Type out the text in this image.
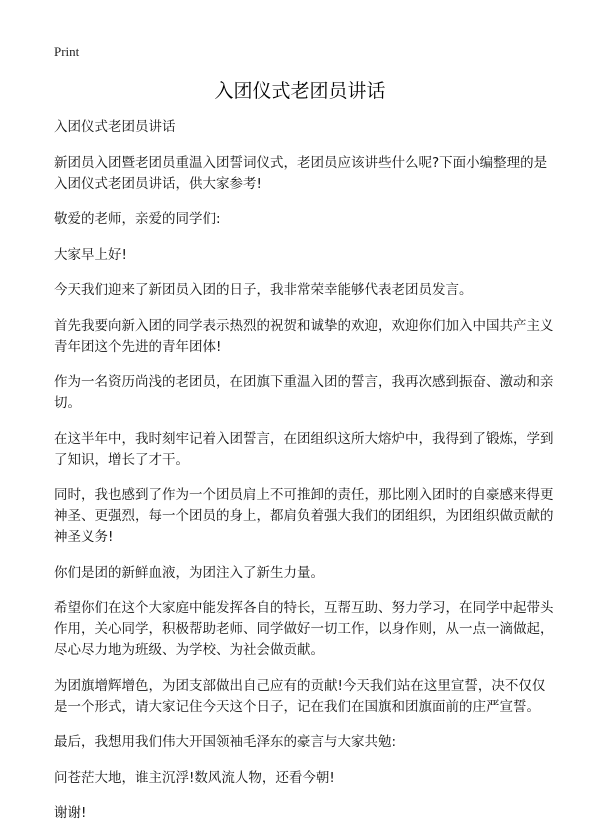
Print
入团仪式老团员讲话

入团仪式老团员讲话

新团员入团暨老团员重温入团誓词仪式，老团员应该讲些什么呢?下面小编整理的是入团仪式老团员讲话，供大家参考!

敬爱的老师，亲爱的同学们:

大家早上好!

今天我们迎来了新团员入团的日子，我非常荣幸能够代表老团员发言。

首先我要向新入团的同学表示热烈的祝贺和诚挚的欢迎，欢迎你们加入中国共产主义青年团这个先进的青年团体!

作为一名资历尚浅的老团员，在团旗下重温入团的誓言，我再次感到振奋、激动和亲切。

在这半年中，我时刻牢记着入团誓言，在团组织这所大熔炉中，我得到了锻炼，学到了知识，增长了才干。

同时，我也感到了作为一个团员肩上不可推卸的责任，那比刚入团时的自豪感来得更神圣、更强烈，每一个团员的身上，都肩负着强大我们的团组织，为团组织做贡献的神圣义务!

你们是团的新鲜血液，为团注入了新生力量。

希望你们在这个大家庭中能发挥各自的特长，互帮互助、努力学习，在同学中起带头作用，关心同学，积极帮助老师、同学做好一切工作，以身作则，从一点一滴做起，尽心尽力地为班级、为学校、为社会做贡献。

为团旗增辉增色，为团支部做出自己应有的贡献!今天我们站在这里宣誓，决不仅仅是一个形式，请大家记住今天这个日子，记在我们在国旗和团旗面前的庄严宣誓。

最后，我想用我们伟大开国领袖毛泽东的豪言与大家共勉:

问苍茫大地，谁主沉浮!数风流人物，还看今朝!

谢谢!
